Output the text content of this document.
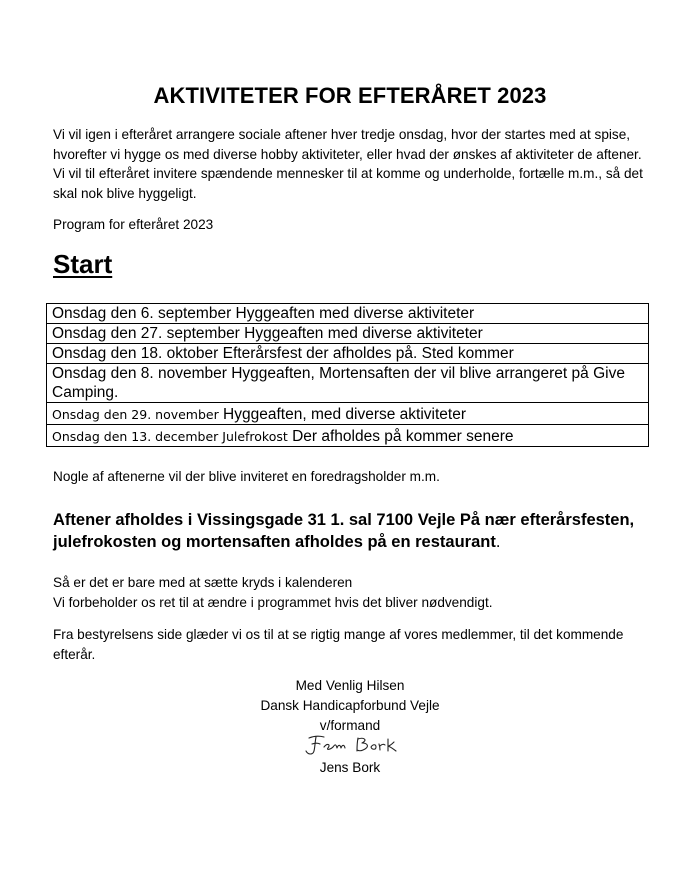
AKTIVITETER FOR EFTERÅRET 2023
Vi vil igen i efteråret arrangere sociale aftener hver tredje onsdag, hvor der startes med at spise, hvorefter vi hygge os med diverse hobby aktiviteter, eller hvad der ønskes af aktiviteter de aftener. Vi vil til efteråret invitere spændende mennesker til at komme og underholde, fortælle m.m., så det skal nok blive hyggeligt.
Program for efteråret 2023
Start
Onsdag den 6. september Hyggeaften med diverse aktiviteter
Onsdag den 27. september Hyggeaften med diverse aktiviteter
Onsdag den 18. oktober Efterårsfest der afholdes på. Sted kommer
Onsdag den 8. november Hyggeaften, Mortensaften der vil blive arrangeret på Give Camping.
Onsdag den 29. november Hyggeaften, med diverse aktiviteter
Onsdag den 13. december Julefrokost Der afholdes på kommer senere
Nogle af aftenerne vil der blive inviteret en foredragsholder m.m.
Aftener afholdes i Vissingsgade 31 1. sal 7100 Vejle På nær efterårsfesten, julefrokosten og mortensaften afholdes på en restaurant.
Så er det er bare med at sætte kryds i kalenderen
Vi forbeholder os ret til at ændre i programmet hvis det bliver nødvendigt.
Fra bestyrelsens side glæder vi os til at se rigtig mange af vores medlemmer, til det kommende efterår.
Med Venlig Hilsen
Dansk Handicapforbund Vejle
v/formand
Jens Bork
